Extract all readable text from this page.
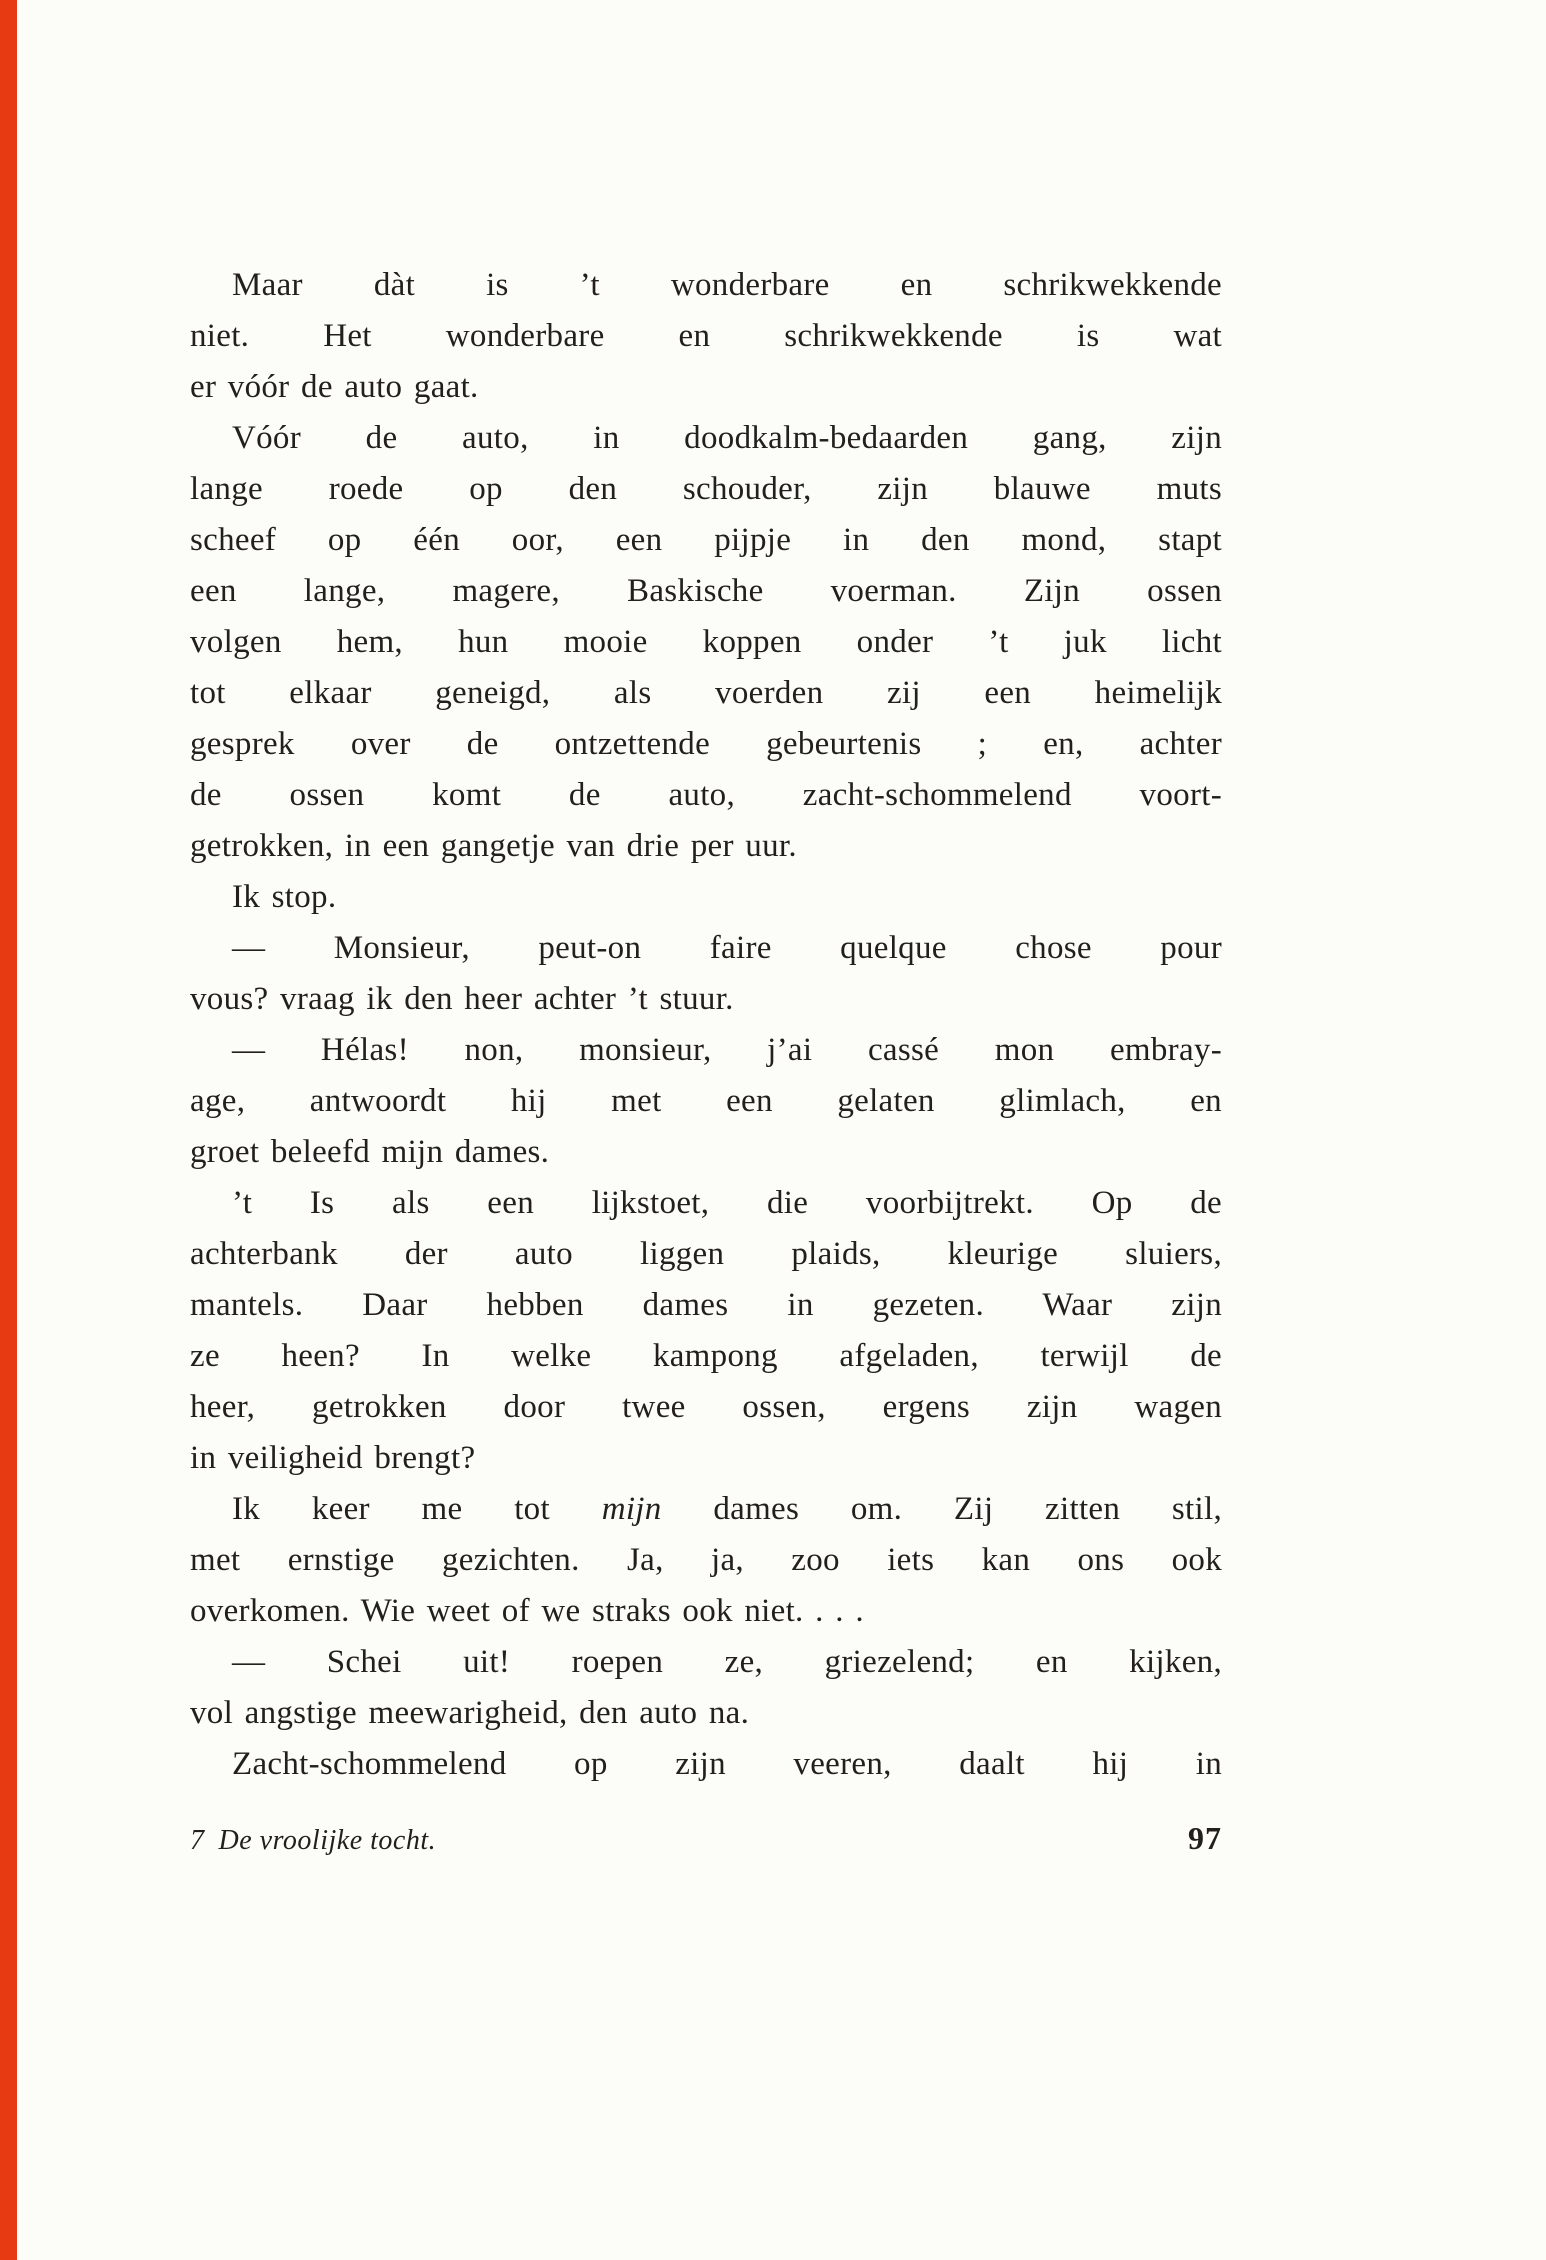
Maar dàt is ’t wonderbare en schrikwekkende
niet. Het wonderbare en schrikwekkende is wat
er vóór de auto gaat.
Vóór de auto, in doodkalm-bedaarden gang, zijn
lange roede op den schouder, zijn blauwe muts
scheef op één oor, een pijpje in den mond, stapt
een lange, magere, Baskische voerman. Zijn ossen
volgen hem, hun mooie koppen onder ’t juk licht
tot elkaar geneigd, als voerden zij een heimelijk
gesprek over de ontzettende gebeurtenis ; en, achter
de ossen komt de auto, zacht-schommelend voort-
getrokken, in een gangetje van drie per uur.
Ik stop.
— Monsieur, peut-on faire quelque chose pour
vous? vraag ik den heer achter ’t stuur.
— Hélas! non, monsieur, j’ai cassé mon embray-
age, antwoordt hij met een gelaten glimlach, en
groet beleefd mijn dames.
’t Is als een lijkstoet, die voorbijtrekt. Op de
achterbank der auto liggen plaids, kleurige sluiers,
mantels. Daar hebben dames in gezeten. Waar zijn
ze heen? In welke kampong afgeladen, terwijl de
heer, getrokken door twee ossen, ergens zijn wagen
in veiligheid brengt?
Ik keer me tot mijn dames om. Zij zitten stil,
met ernstige gezichten. Ja, ja, zoo iets kan ons ook
overkomen. Wie weet of we straks ook niet. . . .
— Schei uit! roepen ze, griezelend; en kijken,
vol angstige meewarigheid, den auto na.
Zacht-schommelend op zijn veeren, daalt hij in
7 De vroolijke tocht.	97
